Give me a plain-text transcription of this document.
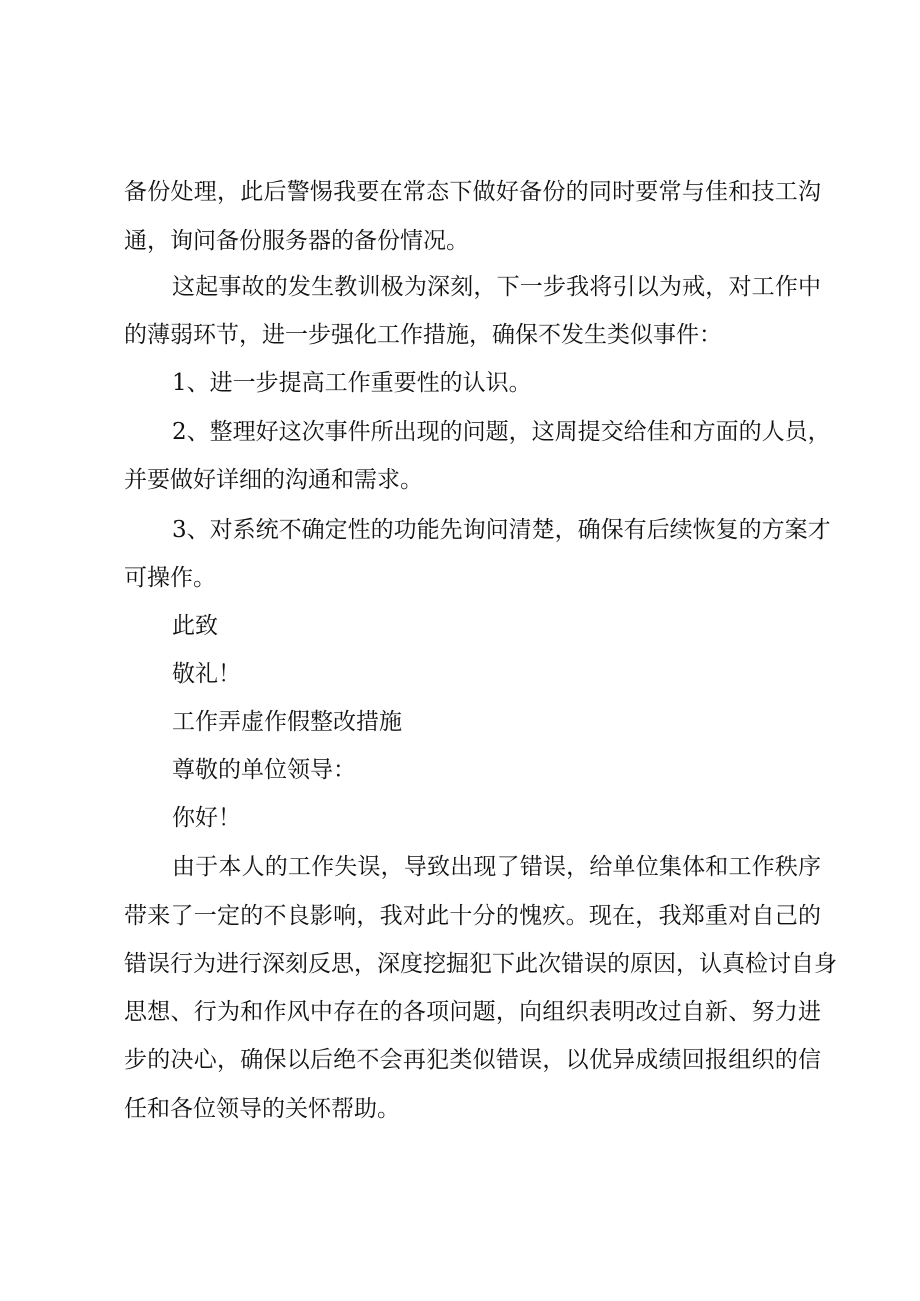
备份处理，此后警惕我要在常态下做好备份的同时要常与佳和技工沟
通，询问备份服务器的备份情况。
这起事故的发生教训极为深刻，下一步我将引以为戒，对工作中
的薄弱环节，进一步强化工作措施，确保不发生类似事件：
1、进一步提高工作重要性的认识。
2、整理好这次事件所出现的问题，这周提交给佳和方面的人员，
并要做好详细的沟通和需求。
3、对系统不确定性的功能先询问清楚，确保有后续恢复的方案才
可操作。
此致
敬礼！
工作弄虚作假整改措施
尊敬的单位领导：
你好！
由于本人的工作失误，导致出现了错误，给单位集体和工作秩序
带来了一定的不良影响，我对此十分的愧疚。现在，我郑重对自己的
错误行为进行深刻反思，深度挖掘犯下此次错误的原因，认真检讨自身
思想、行为和作风中存在的各项问题，向组织表明改过自新、努力进
步的决心，确保以后绝不会再犯类似错误，以优异成绩回报组织的信
任和各位领导的关怀帮助。
